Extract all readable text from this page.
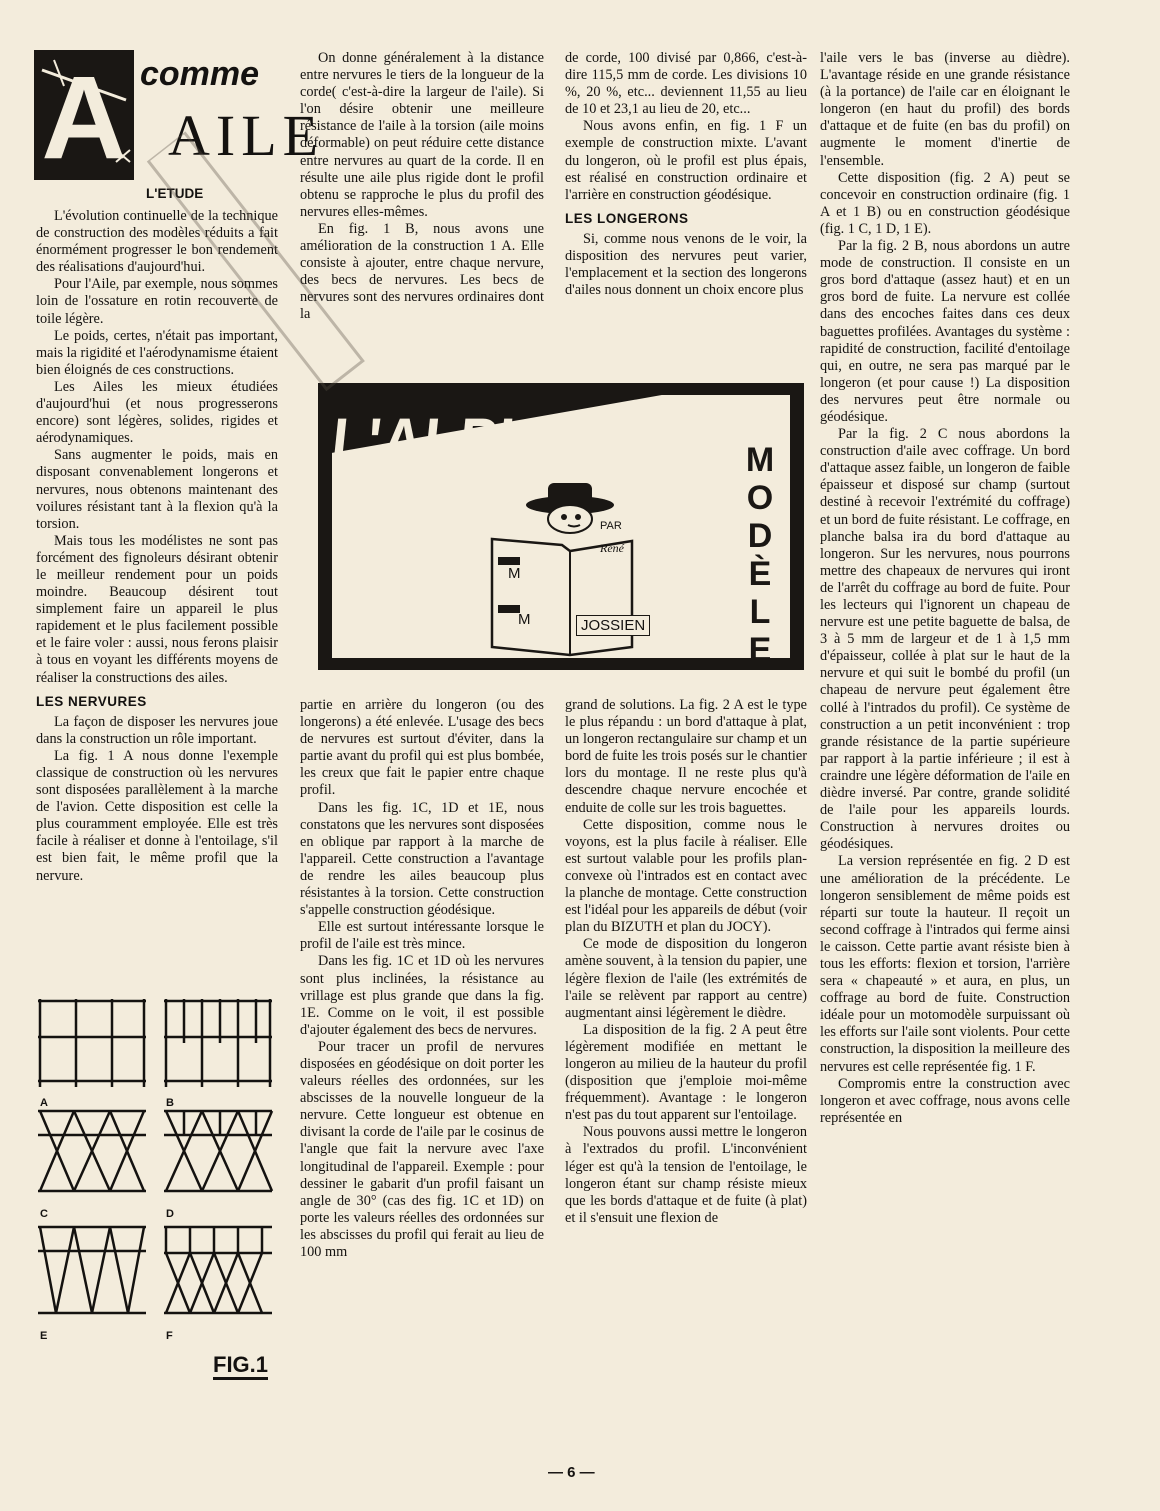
A comme
AILE
L'ETUDE

L'évolution continuelle de la technique de construction des modèles réduits a fait énormément progresser le bon rendement des réalisations d'aujourd'hui.

Pour l'Aile, par exemple, nous sommes loin de l'ossature en rotin recouverte de toile légère.

Le poids, certes, n'était pas important, mais la rigidité et l'aérodynamisme étaient bien éloignés de ces constructions.

Les Ailes les mieux étudiées d'aujourd'hui (et nous progresserons encore) sont légères, solides, rigides et aérodynamiques.

Sans augmenter le poids, mais en disposant convenablement longerons et nervures, nous obtenons maintenant des voilures résistant tant à la flexion qu'à la torsion.

Mais tous les modélistes ne sont pas forcément des fignoleurs désirant obtenir le meilleur rendement pour un poids moindre. Beaucoup désirent tout simplement faire un appareil le plus rapidement et le plus facilement possible et le faire voler : aussi, nous ferons plaisir à tous en voyant les différents moyens de réaliser la constructions des ailes.

LES NERVURES

La façon de disposer les nervures joue dans la construction un rôle important.

La fig. 1 A nous donne l'exemple classique de construction où les nervures sont disposées parallèlement à la marche de l'avion. Cette disposition est celle la plus couramment employée. Elle est très facile à réaliser et donne à l'entoilage, s'il est bien fait, le même profil que la nervure.

A	B
C	D
E	F
FIG.1

On donne généralement à la distance entre nervures le tiers de la longueur de la corde( c'est-à-dire la largeur de l'aile). Si l'on désire obtenir une meilleure résistance de l'aile à la torsion (aile moins déformable) on peut réduire cette distance entre nervures au quart de la corde. Il en résulte une aile plus rigide dont le profil obtenu se rapproche le plus du profil des nervures elles-mêmes.

En fig. 1 B, nous avons une amélioration de la construction 1 A. Elle consiste à ajouter, entre chaque nervure, des becs de nervures. Les becs de nervures sont des nervures ordinaires dont la

de corde, 100 divisé par 0,866, c'est-à-dire 115,5 mm de corde. Les divisions 10 %, 20 %, etc... deviennent 11,55 au lieu de 10 et 23,1 au lieu de 20, etc...

Nous avons enfin, en fig. 1 F un exemple de construction mixte. L'avant du longeron, où le profil est plus épais, est réalisé en construction ordinaire et l'arrière en construction géodésique.

LES LONGERONS

Si, comme nous venons de le voir, la disposition des nervures peut varier, l'emplacement et la section des longerons d'ailes nous donnent un choix encore plus

L'ALPHABET du
M
O
D
È
L
E
M
M
PAR
René
JOSSIEN

partie en arrière du longeron (ou des longerons) a été enlevée. L'usage des becs de nervures est surtout d'éviter, dans la partie avant du profil qui est plus bombée, les creux que fait le papier entre chaque profil.

Dans les fig. 1C, 1D et 1E, nous constatons que les nervures sont disposées en oblique par rapport à la marche de l'appareil. Cette construction a l'avantage de rendre les ailes beaucoup plus résistantes à la torsion. Cette construction s'appelle construction géodésique.

Elle est surtout intéressante lorsque le profil de l'aile est très mince.

Dans les fig. 1C et 1D où les nervures sont plus inclinées, la résistance au vrillage est plus grande que dans la fig. 1E. Comme on le voit, il est possible d'ajouter également des becs de nervures.

Pour tracer un profil de nervures disposées en géodésique on doit porter les valeurs réelles des ordonnées, sur les abscisses de la nouvelle longueur de la nervure. Cette longueur est obtenue en divisant la corde de l'aile par le cosinus de l'angle que fait la nervure avec l'axe longitudinal de l'appareil. Exemple : pour dessiner le gabarit d'un profil faisant un angle de 30° (cas des fig. 1C et 1D) on porte les valeurs réelles des ordonnées sur les abscisses du profil qui ferait au lieu de 100 mm

grand de solutions. La fig. 2 A est le type le plus répandu : un bord d'attaque à plat, un longeron rectangulaire sur champ et un bord de fuite les trois posés sur le chantier lors du montage. Il ne reste plus qu'à descendre chaque nervure encochée et enduite de colle sur les trois baguettes.

Cette disposition, comme nous le voyons, est la plus facile à réaliser. Elle est surtout valable pour les profils plan-convexe où l'intrados est en contact avec la planche de montage. Cette construction est l'idéal pour les appareils de début (voir plan du BIZUTH et plan du JOCY).

Ce mode de disposition du longeron amène souvent, à la tension du papier, une légère flexion de l'aile (les extrémités de l'aile se relèvent par rapport au centre) augmentant ainsi légèrement le dièdre.

La disposition de la fig. 2 A peut être légèrement modifiée en mettant le longeron au milieu de la hauteur du profil (disposition que j'emploie moi-même fréquemment). Avantage : le longeron n'est pas du tout apparent sur l'entoilage.

Nous pouvons aussi mettre le longeron à l'extrados du profil. L'inconvénient léger est qu'à la tension de l'entoilage, le longeron étant sur champ résiste mieux que les bords d'attaque et de fuite (à plat) et il s'ensuit une flexion de

l'aile vers le bas (inverse au dièdre). L'avantage réside en une grande résistance (à la portance) de l'aile car en éloignant le longeron (en haut du profil) des bords d'attaque et de fuite (en bas du profil) on augmente le moment d'inertie de l'ensemble.

Cette disposition (fig. 2 A) peut se concevoir en construction ordinaire (fig. 1 A et 1 B) ou en construction géodésique (fig. 1 C, 1 D, 1 E).

Par la fig. 2 B, nous abordons un autre mode de construction. Il consiste en un gros bord d'attaque (assez haut) et en un gros bord de fuite. La nervure est collée dans des encoches faites dans ces deux baguettes profilées. Avantages du système : rapidité de construction, facilité d'entoilage qui, en outre, ne sera pas marqué par le longeron (et pour cause !) La disposition des nervures peut être normale ou géodésique.

Par la fig. 2 C nous abordons la construction d'aile avec coffrage. Un bord d'attaque assez faible, un longeron de faible épaisseur et disposé sur champ (surtout destiné à recevoir l'extrémité du coffrage) et un bord de fuite résistant. Le coffrage, en planche balsa ira du bord d'attaque au longeron. Sur les nervures, nous pourrons mettre des chapeaux de nervures qui iront de l'arrêt du coffrage au bord de fuite. Pour les lecteurs qui l'ignorent un chapeau de nervure est une petite baguette de balsa, de 3 à 5 mm de largeur et de 1 à 1,5 mm d'épaisseur, collée à plat sur le haut de la nervure et qui suit le bombé du profil (un chapeau de nervure peut également être collé à l'intrados du profil). Ce système de construction a un petit inconvénient : trop grande résistance de la partie supérieure par rapport à la partie inférieure ; il est à craindre une légère déformation de l'aile en dièdre inversé. Par contre, grande solidité de l'aile pour les appareils lourds. Construction à nervures droites ou géodésiques.

La version représentée en fig. 2 D est une amélioration de la précédente. Le longeron sensiblement de même poids est réparti sur toute la hauteur. Il reçoit un second coffrage à l'intrados qui ferme ainsi le caisson. Cette partie avant résiste bien à tous les efforts: flexion et torsion, l'arrière sera « chapeauté » et aura, en plus, un coffrage au bord de fuite. Construction idéale pour un motomodèle surpuissant où les efforts sur l'aile sont violents. Pour cette construction, la disposition la meilleure des nervures est celle représentée fig. 1 F.

Compromis entre la construction avec longeron et avec coffrage, nous avons celle représentée en

— 6 —
